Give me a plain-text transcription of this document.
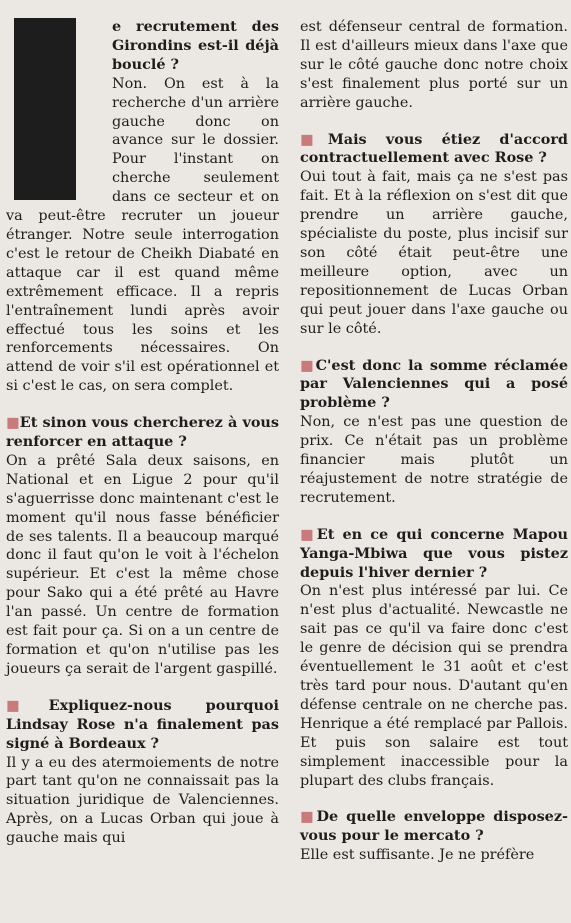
e recrutement des Girondins est-il déjà bouclé ?

Non. On est à la recherche d'un arrière gauche donc on avance sur le dossier. Pour l'instant on cherche seulement dans ce secteur et on va peut-être recruter un joueur étranger. Notre seule interrogation c'est le retour de Cheikh Diabaté en attaque car il est quand même extrêmement efficace. Il a repris l'entraînement lundi après avoir effectué tous les soins et les renforcements nécessaires. On attend de voir s'il est opérationnel et si c'est le cas, on sera complet.

■Et sinon vous chercherez à vous renforcer en attaque ?

On a prêté Sala deux saisons, en National et en Ligue 2 pour qu'il s'aguerrisse donc maintenant c'est le moment qu'il nous fasse bénéficier de ses talents. Il a beaucoup marqué donc il faut qu'on le voit à l'échelon supérieur. Et c'est la même chose pour Sako qui a été prêté au Havre l'an passé. Un centre de formation est fait pour ça. Si on a un centre de formation et qu'on n'utilise pas les joueurs ça serait de l'argent gaspillé.

■Expliquez-nous pourquoi Lindsay Rose n'a finalement pas signé à Bordeaux ?

Il y a eu des atermoiements de notre part tant qu'on ne connaissait pas la situation juridique de Valenciennes. Après, on a Lucas Orban qui joue à gauche mais qui

est défenseur central de formation. Il est d'ailleurs mieux dans l'axe que sur le côté gauche donc notre choix s'est finalement plus porté sur un arrière gauche.

■Mais vous étiez d'accord contractuellement avec Rose ?

Oui tout à fait, mais ça ne s'est pas fait. Et à la réflexion on s'est dit que prendre un arrière gauche, spécialiste du poste, plus incisif sur son côté était peut-être une meilleure option, avec un repositionnement de Lucas Orban qui peut jouer dans l'axe gauche ou sur le côté.

■C'est donc la somme réclamée par Valenciennes qui a posé problème ?

Non, ce n'est pas une question de prix. Ce n'était pas un problème financier mais plutôt un réajustement de notre stratégie de recrutement.

■Et en ce qui concerne Mapou Yanga-Mbiwa que vous pistez depuis l'hiver dernier ?

On n'est plus intéressé par lui. Ce n'est plus d'actualité. Newcastle ne sait pas ce qu'il va faire donc c'est le genre de décision qui se prendra éventuellement le 31 août et c'est très tard pour nous. D'autant qu'en défense centrale on ne cherche pas. Henrique a été remplacé par Pallois. Et puis son salaire est tout simplement inaccessible pour la plupart des clubs français.

■De quelle enveloppe disposez-vous pour le mercato ?

Elle est suffisante. Je ne préfère
